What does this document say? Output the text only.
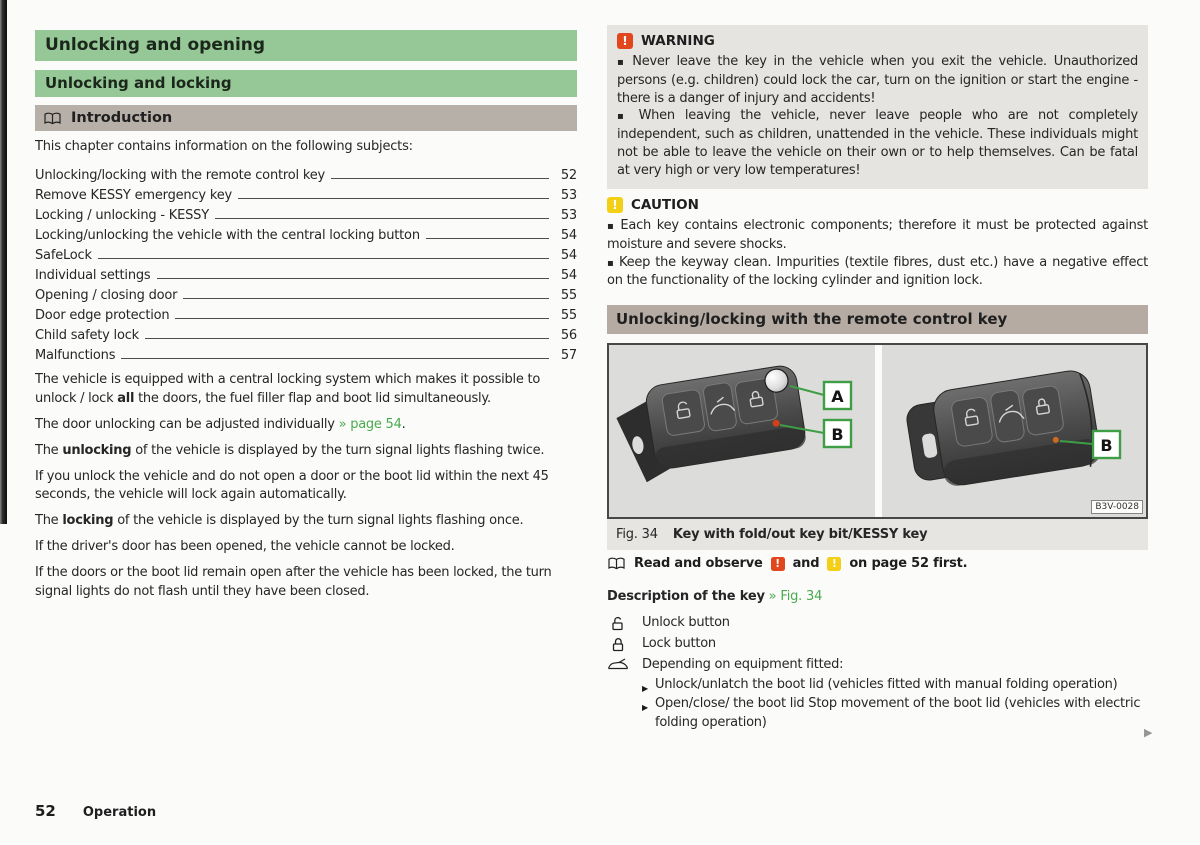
Unlocking and opening
Unlocking and locking
Introduction
This chapter contains information on the following subjects:
Unlocking/locking with the remote control key	52
Remove KESSY emergency key	53
Locking / unlocking - KESSY	53
Locking/unlocking the vehicle with the central locking button	54
SafeLock	54
Individual settings	54
Opening / closing door	55
Door edge protection	55
Child safety lock	56
Malfunctions	57

The vehicle is equipped with a central locking system which makes it possible to unlock / lock all the doors, the fuel filler flap and boot lid simultaneously.

The door unlocking can be adjusted individually » page 54.

The unlocking of the vehicle is displayed by the turn signal lights flashing twice.

If you unlock the vehicle and do not open a door or the boot lid within the next 45 seconds, the vehicle will lock again automatically.

The locking of the vehicle is displayed by the turn signal lights flashing once.

If the driver's door has been opened, the vehicle cannot be locked.

If the doors or the boot lid remain open after the vehicle has been locked, the turn signal lights do not flash until they have been closed.

! WARNING
▪ Never leave the key in the vehicle when you exit the vehicle. Unauthorized persons (e.g. children) could lock the car, turn on the ignition or start the engine - there is a danger of injury and accidents!
▪ When leaving the vehicle, never leave people who are not completely independent, such as children, unattended in the vehicle. These individuals might not be able to leave the vehicle on their own or to help themselves. Can be fatal at very high or very low temperatures!
! CAUTION
▪ Each key contains electronic components; therefore it must be protected against moisture and severe shocks.
▪ Keep the keyway clean. Impurities (textile fibres, dust etc.) have a negative effect on the functionality of the locking cylinder and ignition lock.
Unlocking/locking with the remote control key
A
B
B
B3V-0028
Fig. 34 Key with fold/out key bit/KESSY key
Read and observe	! and	! on page 52 first.
Description of the key » Fig. 34
Unlock button
Lock button
Depending on equipment fitted:
▶ Unlock/unlatch the boot lid (vehicles fitted with manual folding operation)
▶ Open/close/ the boot lid Stop movement of the boot lid (vehicles with electric folding operation)
▶
52 Operation
